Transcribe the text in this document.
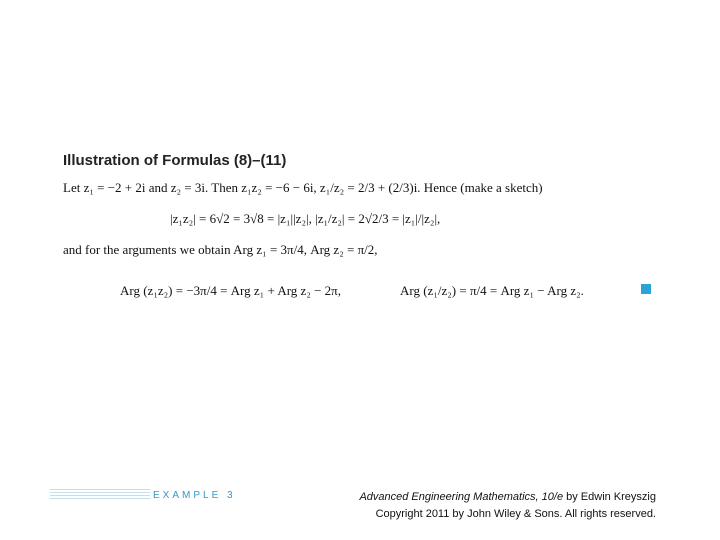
Illustration of Formulas (8)–(11)
Let z₁ = −2 + 2i and z₂ = 3i. Then z₁z₂ = −6 − 6i, z₁/z₂ = 2/3 + (2/3)i. Hence (make a sketch)
|z₁z₂| = 6√2 = 3√8 = |z₁||z₂|, |z₁/z₂| = 2√2/3 = |z₁|/|z₂|,
and for the arguments we obtain Arg z₁ = 3π/4, Arg z₂ = π/2,
Arg (z₁z₂) = −3π/4 = Arg z₁ + Arg z₂ − 2π,	Arg (z₁/z₂) = π/4 = Arg z₁ − Arg z₂.
EXAMPLE 3	Advanced Engineering Mathematics, 10/e by Edwin Kreyszig
Copyright 2011 by John Wiley & Sons. All rights reserved.
